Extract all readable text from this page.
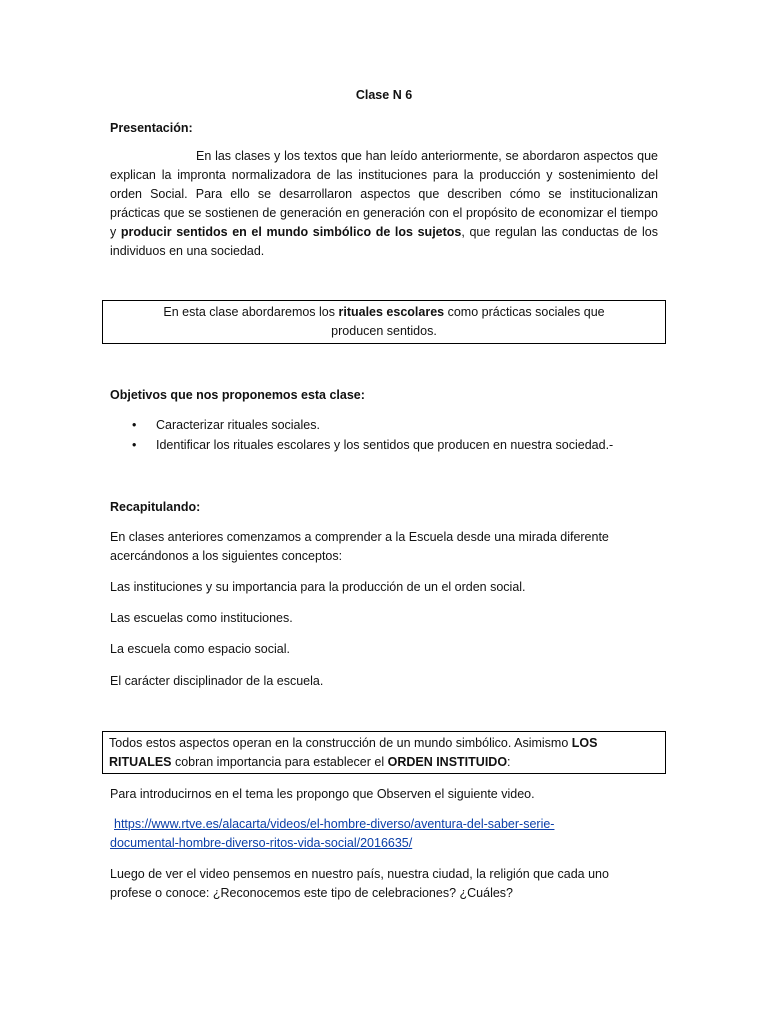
Clase N 6
Presentación:
En las clases y los textos que han leído anteriormente, se abordaron aspectos que explican la impronta normalizadora de las instituciones para la producción y sostenimiento del orden Social. Para ello se desarrollaron aspectos que describen cómo se institucionalizan prácticas que se sostienen de generación en generación con el propósito de economizar el tiempo y producir sentidos en el mundo simbólico de los sujetos, que regulan las conductas de los individuos en una sociedad.
En esta clase abordaremos los rituales escolares como prácticas sociales que producen sentidos.
Objetivos que nos proponemos esta clase:
• Caracterizar rituales sociales.
• Identificar los rituales escolares y los sentidos que producen en nuestra sociedad.-
Recapitulando:
En clases anteriores comenzamos a comprender a la Escuela desde una mirada diferente acercándonos a los siguientes conceptos:
Las instituciones y su importancia para la producción de un el orden social.
Las escuelas como instituciones.
La escuela como espacio social.
El carácter disciplinador de la escuela.
Todos estos aspectos operan en la construcción de un mundo simbólico. Asimismo LOS RITUALES cobran importancia para establecer el ORDEN INSTITUIDO:
Para introducirnos en el tema les propongo que Observen el siguiente video.
https://www.rtve.es/alacarta/videos/el-hombre-diverso/aventura-del-saber-serie-
documental-hombre-diverso-ritos-vida-social/2016635/
Luego de ver el video pensemos en nuestro país, nuestra ciudad, la religión que cada uno profese o conoce: ¿Reconocemos este tipo de celebraciones? ¿Cuáles?
